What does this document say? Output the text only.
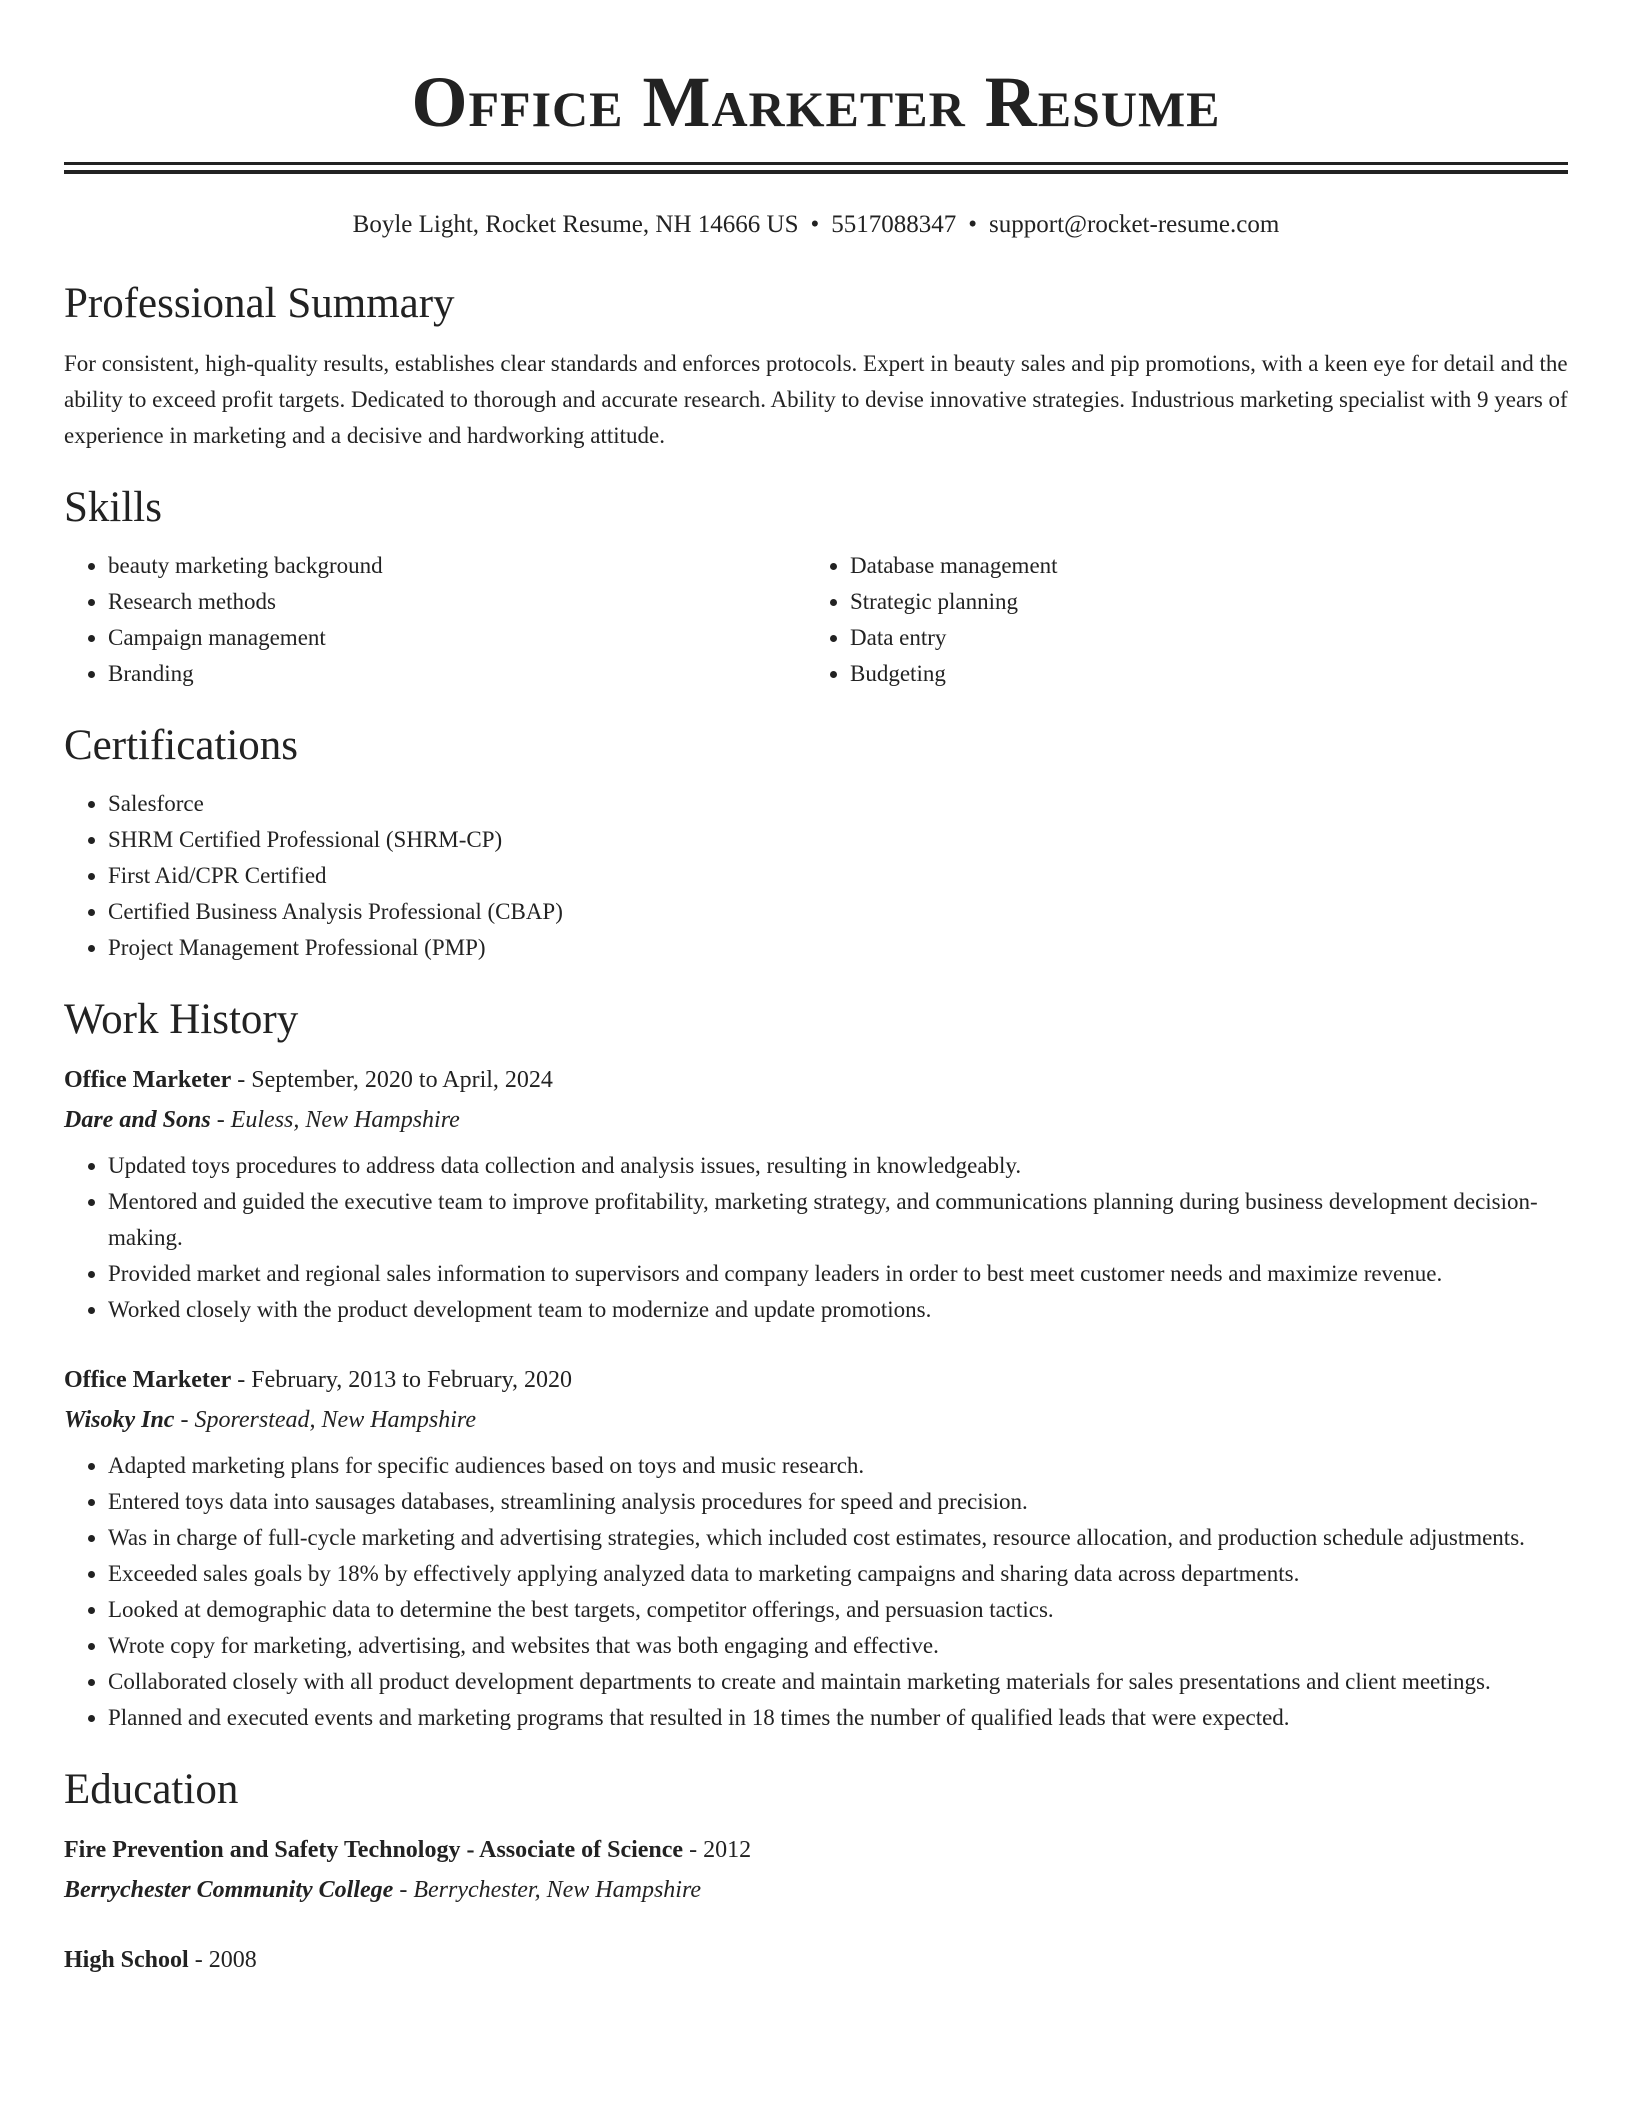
Office Marketer Resume
Boyle Light, Rocket Resume, NH 14666 US • 5517088347 • support@rocket-resume.com
Professional Summary

For consistent, high-quality results, establishes clear standards and enforces protocols. Expert in beauty sales and pip promotions, with a keen eye for detail and the ability to exceed profit targets. Dedicated to thorough and accurate research. Ability to devise innovative strategies. Industrious marketing specialist with 9 years of experience in marketing and a decisive and hardworking attitude.

Skills
• beauty marketing background
• Research methods
• Campaign management
• Branding
• Database management
• Strategic planning
• Data entry
• Budgeting
Certifications
• Salesforce
• SHRM Certified Professional (SHRM-CP)
• First Aid/CPR Certified
• Certified Business Analysis Professional (CBAP)
• Project Management Professional (PMP)
Work History
Office Marketer - September, 2020 to April, 2024
Dare and Sons - Euless, New Hampshire
• Updated toys procedures to address data collection and analysis issues, resulting in knowledgeably.
• Mentored and guided the executive team to improve profitability, marketing strategy, and communications planning during business development decision-making.
• Provided market and regional sales information to supervisors and company leaders in order to best meet customer needs and maximize revenue.
• Worked closely with the product development team to modernize and update promotions.
Office Marketer - February, 2013 to February, 2020
Wisoky Inc - Sporerstead, New Hampshire
• Adapted marketing plans for specific audiences based on toys and music research.
• Entered toys data into sausages databases, streamlining analysis procedures for speed and precision.
• Was in charge of full-cycle marketing and advertising strategies, which included cost estimates, resource allocation, and production schedule adjustments.
• Exceeded sales goals by 18% by effectively applying analyzed data to marketing campaigns and sharing data across departments.
• Looked at demographic data to determine the best targets, competitor offerings, and persuasion tactics.
• Wrote copy for marketing, advertising, and websites that was both engaging and effective.
• Collaborated closely with all product development departments to create and maintain marketing materials for sales presentations and client meetings.
• Planned and executed events and marketing programs that resulted in 18 times the number of qualified leads that were expected.
Education
Fire Prevention and Safety Technology - Associate of Science - 2012
Berrychester Community College - Berrychester, New Hampshire
High School - 2008
